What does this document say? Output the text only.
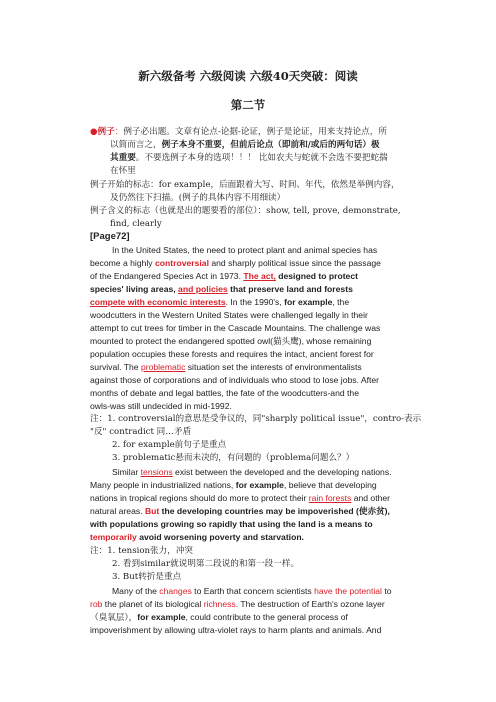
新六级备考 六级阅读 六级40天突破：阅读
第二节
●例子：例子必出题。文章有论点-论据-论证，例子是论证，用来支持论点，所
以简而言之，例子本身不重要，但前后论点（即前和/或后的两句话）极
其重要。不要选例子本身的选项！！！ 比如农夫与蛇就不会选不要把蛇揣
在怀里
例子开始的标志：for example，后面跟着大写、时间、年代，依然是举例内容，
及仍然往下扫描。(例子的具体内容不用细读）
例子含义的标志（也就是出的题要看的部位）：show, tell, prove, demonstrate,
find, clearly
[Page72]
In the United States, the need to protect plant and animal species has
become a highly controversial and sharply political issue since the passage
of the Endangered Species Act in 1973. The act, designed to protect
species' living areas, and policies that preserve land and forests
compete with economic interests. In the 1990's, for example, the
woodcutters in the Western United States were challenged legally in their
attempt to cut trees for timber in the Cascade Mountains. The challenge was
mounted to protect the endangered spotted owl(猫头鹰), whose remaining
population occupies these forests and requires the intact, ancient forest for
survival. The problematic situation set the interests of environmentalists
against those of corporations and of individuals who stood to lose jobs. After
months of debate and legal battles, the fate of the woodcutters-and the
owls-was still undecided in mid-1992.
注：1. controversial的意思是受争议的，同"sharply political issue"，contro-表示
"反" contradict 同…矛盾
2. for example前句子是重点
3. problematic悬而未决的，有问题的（problema问题么？）
Similar tensions exist between the developed and the developing nations.
Many people in industrialized nations, for example, believe that developing
nations in tropical regions should do more to protect their rain forests and other
natural areas. But the developing countries may be impoverished (使赤贫),
with populations growing so rapidly that using the land is a means to
temporarily avoid worsening poverty and starvation.
注：1. tension张力，冲突
2. 看到similar就说明第二段说的和第一段一样。
3. But转折是重点
Many of the changes to Earth that concern scientists have the potential to
rob the planet of its biological richness. The destruction of Earth's ozone layer
（臭氧层），for example, could contribute to the general process of
impoverishment by allowing ultra-violet rays to harm plants and animals. And
